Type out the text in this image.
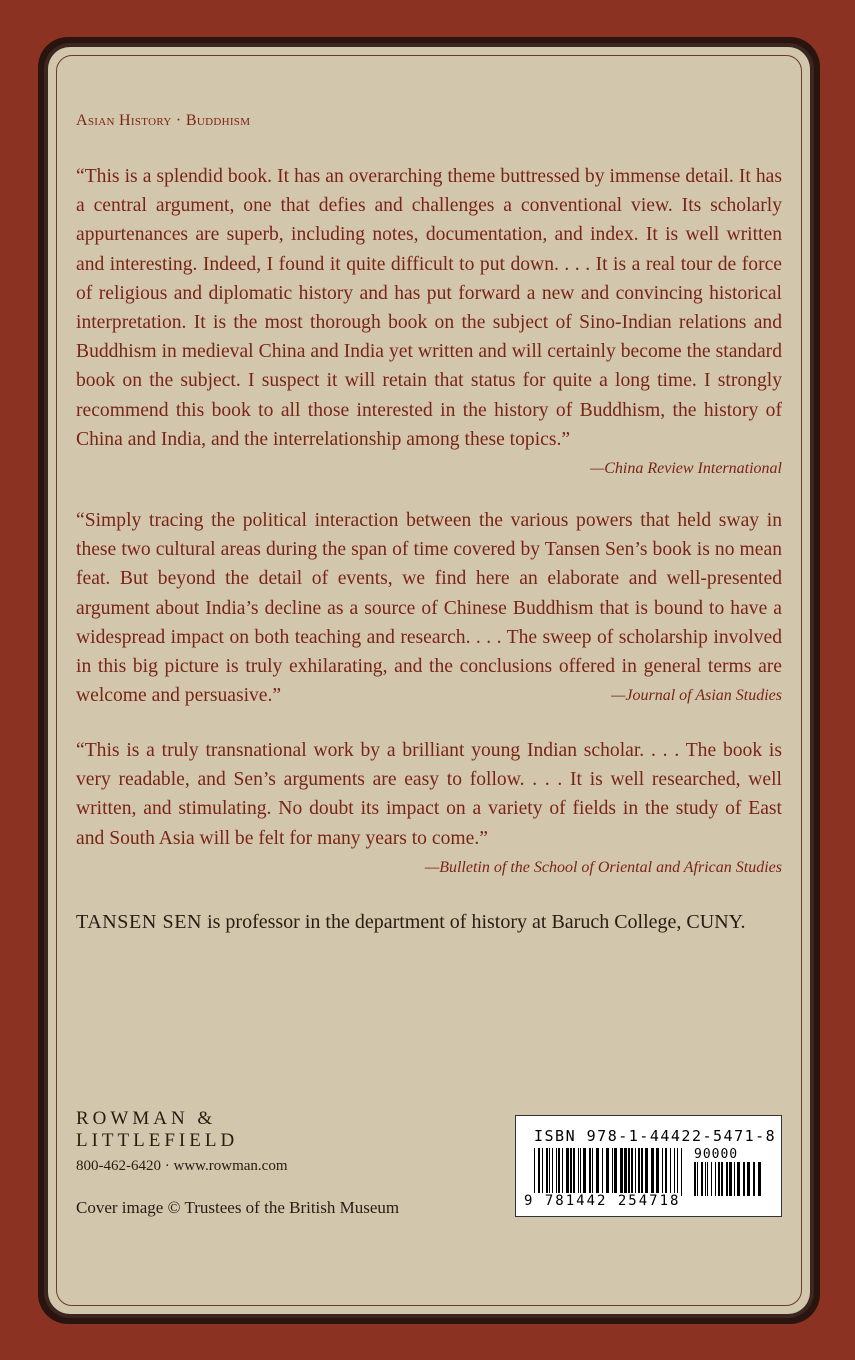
Asian History · Buddhism

“This is a splendid book. It has an overarching theme buttressed by immense detail. It has a central argument, one that defies and challenges a conventional view. Its scholarly appurtenances are superb, including notes, documentation, and index. It is well written and interesting. Indeed, I found it quite difficult to put down. . . . It is a real tour de force of religious and diplomatic history and has put forward a new and convincing historical interpretation. It is the most thorough book on the subject of Sino-Indian relations and Buddhism in medieval China and India yet written and will certainly become the standard book on the subject. I suspect it will retain that status for quite a long time. I strongly recommend this book to all those interested in the history of Buddhism, the history of China and India, and the interrelationship among these topics.”
—China Review International

“Simply tracing the political interaction between the various powers that held sway in these two cultural areas during the span of time covered by Tansen Sen’s book is no mean feat. But beyond the detail of events, we find here an elaborate and well-presented argument about India’s decline as a source of Chinese Buddhism that is bound to have a widespread impact on both teaching and research. . . . The sweep of scholarship involved in this big picture is truly exhilarating, and the conclusions offered in general terms are welcome and persuasive.”	—Journal of Asian Studies

“This is a truly transnational work by a brilliant young Indian scholar. . . . The book is very readable, and Sen’s arguments are easy to follow. . . . It is well researched, well written, and stimulating. No doubt its impact on a variety of fields in the study of East and South Asia will be felt for many years to come.”
—Bulletin of the School of Oriental and African Studies

TANSEN SEN is professor in the department of history at Baruch College, CUNY.
ROWMAN &
LITTLEFIELD
800-462-6420 · www.rowman.com
Cover image © Trustees of the British Museum
ISBN 978-1-44422-5471-8
90000
9 781442 254718
